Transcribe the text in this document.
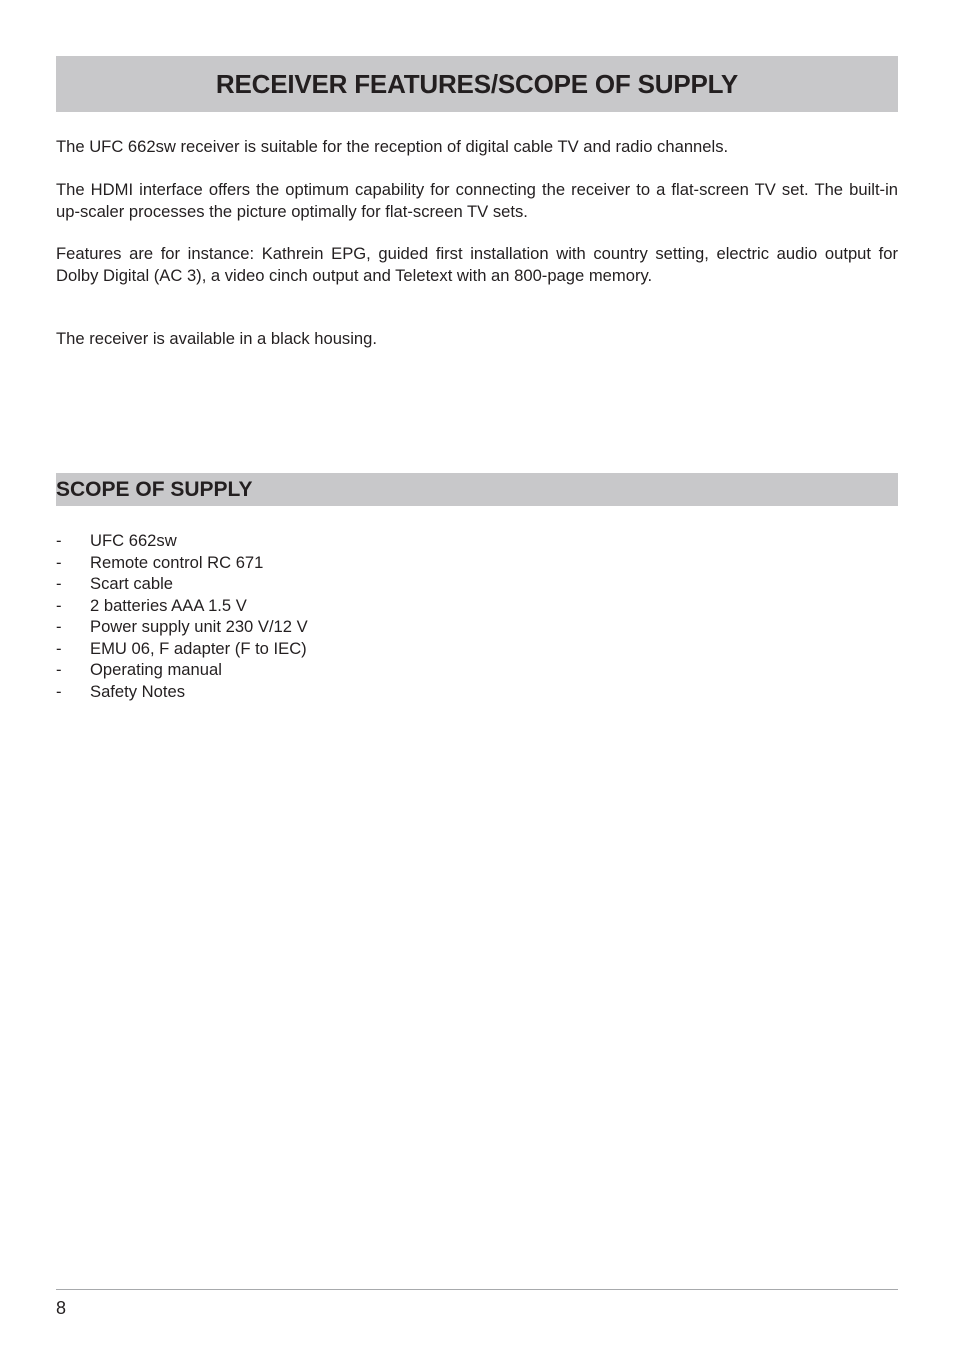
RECEIVER FEATURES/SCOPE OF SUPPLY

The UFC 662sw receiver is suitable for the reception of digital cable TV and radio channels.

The HDMI interface offers the optimum capability for connecting the receiver to a flat-screen TV set. The built-in up-scaler processes the picture optimally for flat-screen TV sets.

Features are for instance: Kathrein EPG, guided first installation with country setting, electric audio output for Dolby Digital (AC 3), a video cinch output and Teletext with an 800-page memory.

The receiver is available in a black housing.

SCOPE OF SUPPLY
-	UFC 662sw
-	Remote control RC 671
-	Scart cable
-	2 batteries AAA 1.5 V
-	Power supply unit 230 V/12 V
-	EMU 06, F adapter (F to IEC)
-	Operating manual
-	Safety Notes
8
